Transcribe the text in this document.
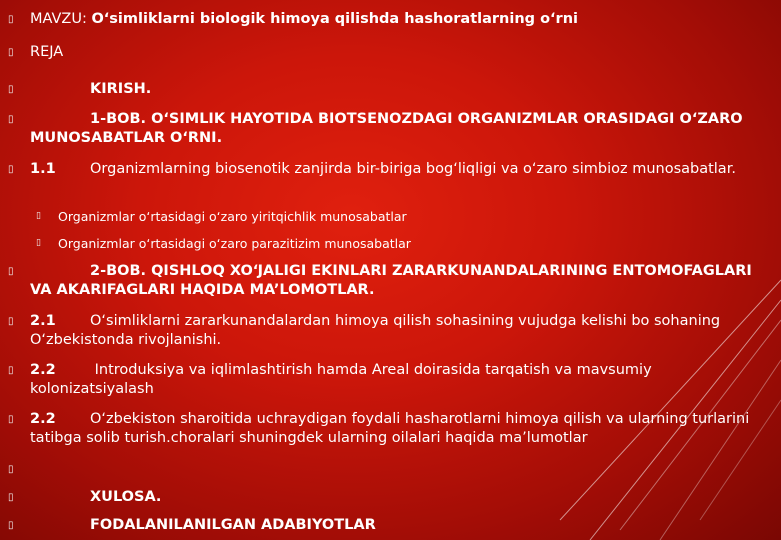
▯ MAVZU: O‘simliklarni biologik himoya qilishda hashoratlarning o‘rni
▯ REJA
▯	KIRISH.
▯	1-BOB. O‘SIMLIK HAYOTIDA BIOTSENOZDAGI ORGANIZMLAR ORASIDAGI O‘ZARO MUNOSABATLAR O‘RNI.
▯ 1.1 Organizmlarning biosenotik zanjirda bir-biriga bog‘liqligi va o‘zaro simbioz munosabatlar.
▯ Organizmlar o‘rtasidagi o‘zaro yiritqichlik munosabatlar
▯ Organizmlar o‘rtasidagi o‘zaro parazitizim munosabatlar
▯	2-BOB. QISHLOQ XO‘JALIGI EKINLARI ZARARKUNANDALARINING ENTOMOFAGLARI VA AKARIFAGLARI HAQIDA MA’LOMOTLAR.
▯ 2.1 O‘simliklarni zararkunandalardan himoya qilish sohasining vujudga kelishi bo sohaning O‘zbekistonda rivojlanishi.
▯ 2.2 Introduksiya va iqlimlashtirish hamda Areal doirasida tarqatish va mavsumiy kolonizatsiyalash
▯ 2.2 O‘zbekiston sharoitida uchraydigan foydali hasharotlarni himoya qilish va ularning turlarini tatibga solib turish.choralari shuningdek ularning oilalari haqida ma’lumotlar
▯
▯	XULOSA.
▯	FODALANILANILGAN ADABIYOTLAR
